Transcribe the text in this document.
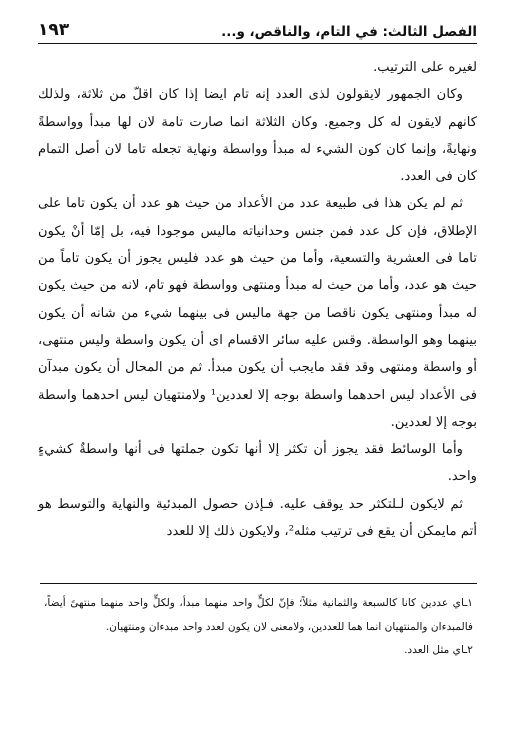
الفصل الثالث: في التام، والناقص، و...
١٩٣

لغيره على الترتيب.

وكان الجمهور لايقولون لذى العدد إنه تام ايضا إذا كان اقلّ من ثلاثة، ولذلك كانهم لايقون له كل وجميع. وكان الثلاثة انما صارت تامة لان لها مبدأ وواسطةً ونهايةً، وإنما كان كون الشيء له مبدأ وواسطة ونهاية تجعله تاما لان أصل التمام كان فى العدد.

ثم لم يكن هذا فى طبيعة عدد من الأعداد من حيث هو عدد أن يكون تاما على الإطلاق، فإن كل عدد فمن جنس وحدانياته ماليس موجودا فيه، بل إمّا أنْ يكون تاما فى العشرية والتسعية، وأما من حيث هو عدد فليس يجوز أن يكون تاماً من حيث هو عدد، وأما من حيث له مبدأ ومنتهى وواسطة فهو تام، لانه من حيث يكون له مبدأ ومنتهى يكون ناقصا من جهة ماليس فى بينهما شيء من شانه أن يكون بينهما وهو الواسطة. وقس عليه سائر الاقسام اى أن يكون واسطة وليس منتهى، أو واسطة ومنتهى وقد فقد مايجب أن يكون مبدأ. ثم من المحال أن يكون مبدآن فى الأعداد ليس احدهما واسطة بوجه إلا لعددين¹ ولامنتهيان ليس احدهما واسطة بوجه إلا لعددين.

وأما الوسائط فقد يجوز أن تكثر إلا أنها تكون جملتها فى أنها واسطةٌ كشيءٍ واحد.

ثم لايكون لـلتكثر حد يوقف عليه. فـإذن حصول المبدئية والنهاية والتوسط هو أتم مايمكن أن يقع فى ترتيب مثله²، ولايكون ذلك إلا للعدد

١ـاي عددين كانا كالسبعة والثمانية مثلاً؛ فإنّ لكلٍّ واحد منهما مبدأ، ولكلٍّ واحد منهما منتهىً أيضاً، فالمبدءان والمنتهيان انما هما للعددين، ولامعنى لان يكون لعدد واحد مبدءان ومنتهيان.

٢ـاي مثل العدد.
